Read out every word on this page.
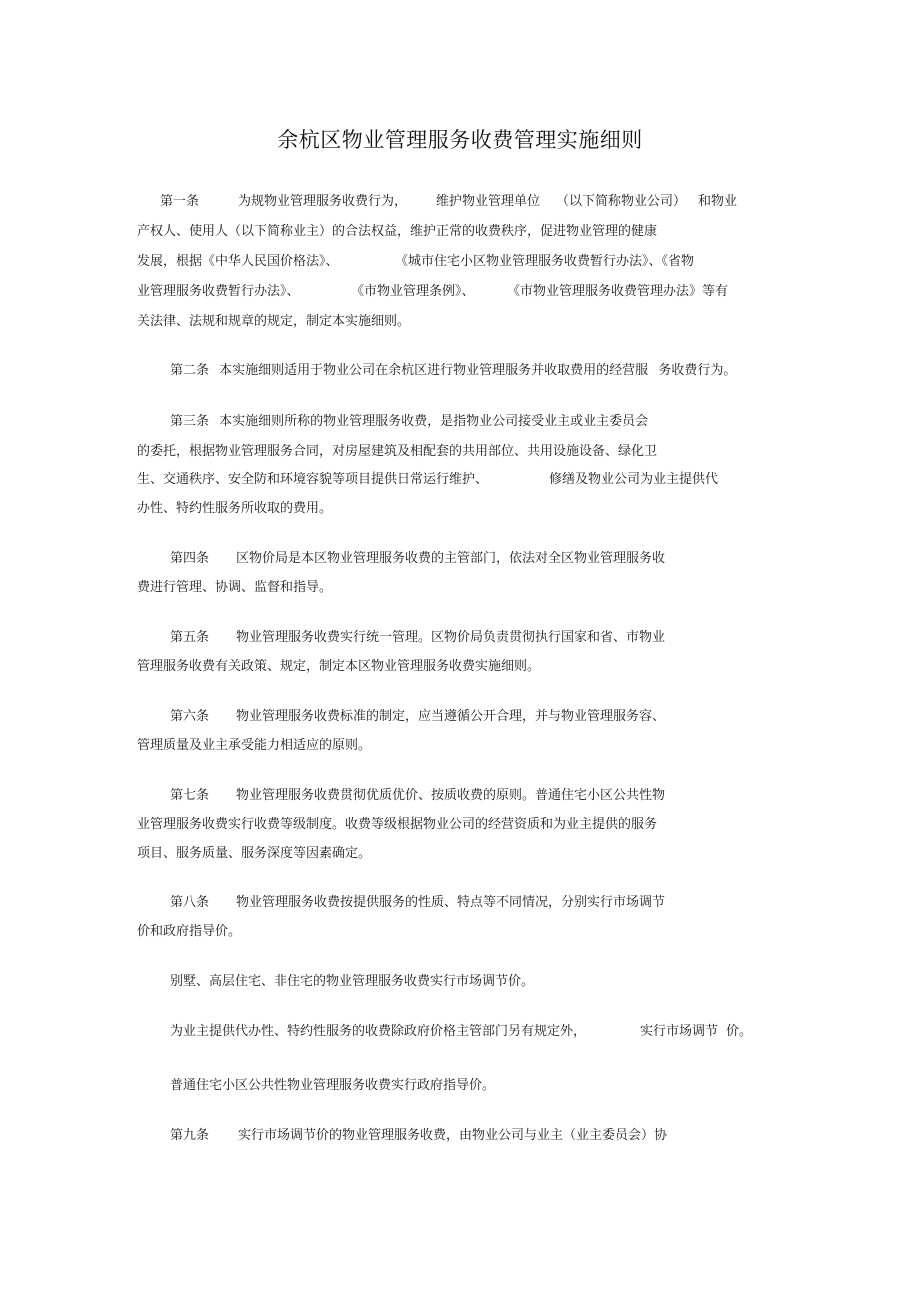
余杭区物业管理服务收费管理实施细则
第一条	为规物业管理服务收费行为， 维护物业管理单位 （以下简称物业公司） 和物业
产权人、使用人（以下简称业主）的合法权益，维护正常的收费秩序，促进物业管理的健康
发展，根据《中华人民国价格法》、	《城市住宅小区物业管理服务收费暂行办法》、《省物
业管理服务收费暂行办法》、	《市物业管理条例》、 《市物业管理服务收费管理办法》等有
关法律、法规和规章的规定，制定本实施细则。
第二条 本实施细则适用于物业公司在余杭区进行物业管理服务并收取费用的经营服 务收费行为。
第三条 本实施细则所称的物业管理服务收费，是指物业公司接受业主或业主委员会
的委托，根据物业管理服务合同，对房屋建筑及相配套的共用部位、共用设施设备、绿化卫
生、交通秩序、安全防和环境容貌等项目提供日常运行维护、	修缮及物业公司为业主提供代
办性、特约性服务所收取的费用。
第四条 区物价局是本区物业管理服务收费的主管部门，依法对全区物业管理服务收
费进行管理、协调、监督和指导。
第五条 物业管理服务收费实行统一管理。区物价局负责贯彻执行国家和省、市物业
管理服务收费有关政策、规定，制定本区物业管理服务收费实施细则。
第六条 物业管理服务收费标准的制定，应当遵循公开合理，并与物业管理服务容、
管理质量及业主承受能力相适应的原则。
第七条 物业管理服务收费贯彻优质优价、按质收费的原则。普通住宅小区公共性物
业管理服务收费实行收费等级制度。收费等级根据物业公司的经营资质和为业主提供的服务
项目、服务质量、服务深度等因素确定。
第八条 物业管理服务收费按提供服务的性质、特点等不同情况，分别实行市场调节
价和政府指导价。
别墅、高层住宅、非住宅的物业管理服务收费实行市场调节价。
为业主提供代办性、特约性服务的收费除政府价格主管部门另有规定外，	实行市场调节 价。
普通住宅小区公共性物业管理服务收费实行政府指导价。
第九条 实行市场调节价的物业管理服务收费，由物业公司与业主（业主委员会）协
